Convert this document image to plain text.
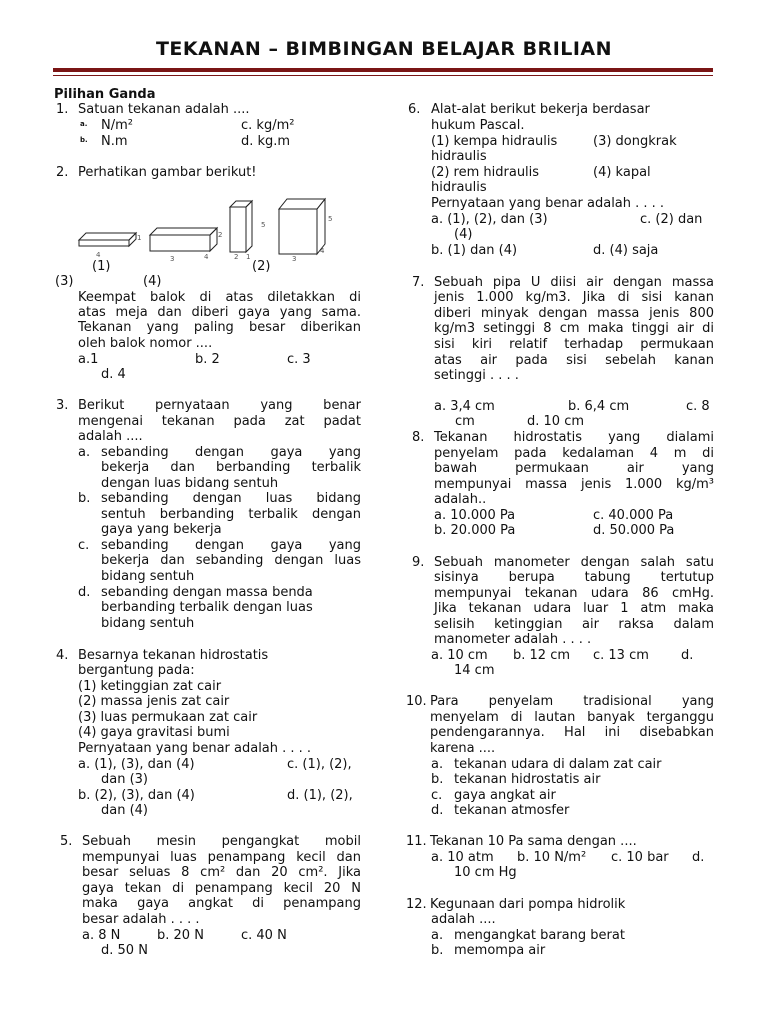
TEKANAN – BIMBINGAN BELAJAR BRILIAN
Pilihan Ganda
1. Satuan tekanan adalah ....
a. N/m²	c. kg/m²
b. N.m	d. kg.m
2. Perhatikan gambar berikut!
4
1
3	4
2
2 1
5
3
4
5
(1)	(2)
(3)	(4)
Keempat balok di atas diletakkan di
atas meja dan diberi gaya yang sama.
Tekanan yang paling besar diberikan
oleh balok nomor ....
a.1	b. 2	c. 3
d. 4
3. Berikut pernyataan yang benar
mengenai tekanan pada zat padat
adalah ....
a. sebanding dengan gaya yang
bekerja dan berbanding terbalik
dengan luas bidang sentuh
b. sebanding dengan luas bidang
sentuh berbanding terbalik dengan
gaya yang bekerja
c. sebanding dengan gaya yang
bekerja dan sebanding dengan luas
bidang sentuh
d. sebanding dengan massa benda
berbanding terbalik dengan luas
bidang sentuh
4. Besarnya tekanan hidrostatis
bergantung pada:
(1) ketinggian zat cair
(2) massa jenis zat cair
(3) luas permukaan zat cair
(4) gaya gravitasi bumi
Pernyataan yang benar adalah . . . .
a. (1), (3), dan (4)	c. (1), (2),
dan (3)
b. (2), (3), dan (4)	d. (1), (2),
dan (4)
5. Sebuah mesin pengangkat mobil
mempunyai luas penampang kecil dan
besar seluas 8 cm² dan 20 cm². Jika
gaya tekan di penampang kecil 20 N
maka gaya angkat di penampang
besar adalah . . . .
a. 8 N	b. 20 N	c. 40 N
d. 50 N
6. Alat-alat berikut bekerja berdasar
hukum Pascal.
(1) kempa hidraulis	(3) dongkrak
hidraulis
(2) rem hidraulis	(4) kapal
hidraulis
Pernyataan yang benar adalah . . . .
a. (1), (2), dan (3)	c. (2) dan
(4)
b. (1) dan (4)	d. (4) saja
7. Sebuah pipa U diisi air dengan massa
jenis 1.000 kg/m3. Jika di sisi kanan
diberi minyak dengan massa jenis 800
kg/m3 setinggi 8 cm maka tinggi air di
sisi kiri relatif terhadap permukaan
atas air pada sisi sebelah kanan
setinggi . . . .
a. 3,4 cm	b. 6,4 cm	c. 8
cm	d. 10 cm
8. Tekanan hidrostatis yang dialami
penyelam pada kedalaman 4 m di
bawah permukaan air yang
mempunyai massa jenis 1.000 kg/m³
adalah..
a. 10.000 Pa	c. 40.000 Pa
b. 20.000 Pa	d. 50.000 Pa
9. Sebuah manometer dengan salah satu
sisinya berupa tabung tertutup
mempunyai tekanan udara 86 cmHg.
Jika tekanan udara luar 1 atm maka
selisih ketinggian air raksa dalam
manometer adalah . . . .
a. 10 cm b. 12 cm c. 13 cm d.
14 cm
10. Para penyelam tradisional yang
menyelam di lautan banyak terganggu
pendengarannya. Hal ini disebabkan
karena ....
a. tekanan udara di dalam zat cair
b. tekanan hidrostatis air
c. gaya angkat air
d. tekanan atmosfer
11. Tekanan 10 Pa sama dengan ....
a. 10 atm b. 10 N/m² c. 10 bar d.
10 cm Hg
12. Kegunaan dari pompa hidrolik
adalah ....
a. mengangkat barang berat
b. memompa air
